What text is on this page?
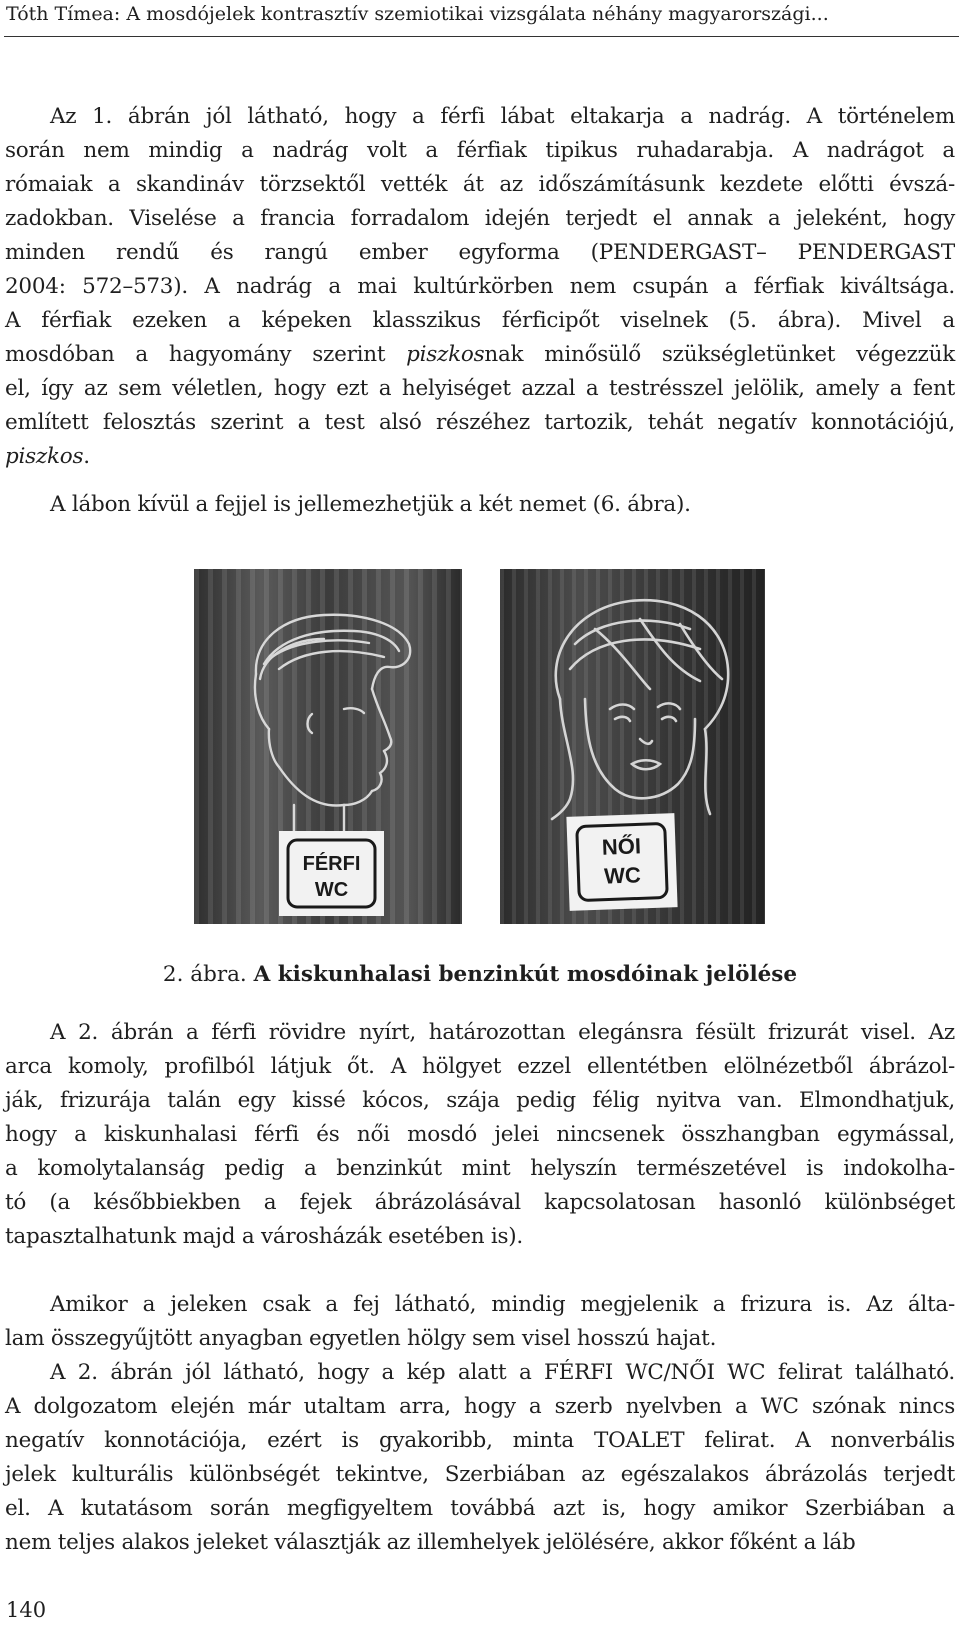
Tóth Tímea: A mosdójelek kontrasztív szemiotikai vizsgálata néhány magyarországi...

Az 1. ábrán jól látható, hogy a férfi lábat eltakarja a nadrág. A történelem
során nem mindig a nadrág volt a férfiak tipikus ruhadarabja. A nadrágot a
rómaiak a skandináv törzsektől vették át az időszámításunk kezdete előtti évszá-
zadokban. Viselése a francia forradalom idején terjedt el annak a jeleként, hogy
minden rendű és rangú ember egyforma (PENDERGAST– PENDERGAST
2004: 572–573). A nadrág a mai kultúrkörben nem csupán a férfiak kiváltsága.
A férfiak ezeken a képeken klasszikus férficipőt viselnek (5. ábra). Mivel a
mosdóban a hagyomány szerint piszkosnak minősülő szükségletünket végezzük
el, így az sem véletlen, hogy ezt a helyiséget azzal a testrésszel jelölik, amely a fent
említett felosztás szerint a test alsó részéhez tartozik, tehát negatív konnotációjú,
piszkos.

A lábon kívül a fejjel is jellemezhetjük a két nemet (6. ábra).

FÉRFI
WC
NŐI
WC
2. ábra. A kiskunhalasi benzinkút mosdóinak jelölése

A 2. ábrán a férfi rövidre nyírt, határozottan elegánsra fésült frizurát visel. Az
arca komoly, profilból látjuk őt. A hölgyet ezzel ellentétben elölnézetből ábrázol-
ják, frizurája talán egy kissé kócos, szája pedig félig nyitva van. Elmondhatjuk,
hogy a kiskunhalasi férfi és női mosdó jelei nincsenek összhangban egymással,
a komolytalanság pedig a benzinkút mint helyszín természetével is indokolha-
tó (a későbbiekben a fejek ábrázolásával kapcsolatosan hasonló különbséget
tapasztalhatunk majd a városházák esetében is).

Amikor a jeleken csak a fej látható, mindig megjelenik a frizura is. Az álta-
lam összegyűjtött anyagban egyetlen hölgy sem visel hosszú hajat.

A 2. ábrán jól látható, hogy a kép alatt a FÉRFI WC/NŐI WC felirat található.
A dolgozatom elején már utaltam arra, hogy a szerb nyelvben a WC szónak nincs
negatív konnotációja, ezért is gyakoribb, minta TOALET felirat. A nonverbális
jelek kulturális különbségét tekintve, Szerbiában az egészalakos ábrázolás terjedt
el. A kutatásom során megfigyeltem továbbá azt is, hogy amikor Szerbiában a
nem teljes alakos jeleket választják az illemhelyek jelölésére, akkor főként a láb

140
